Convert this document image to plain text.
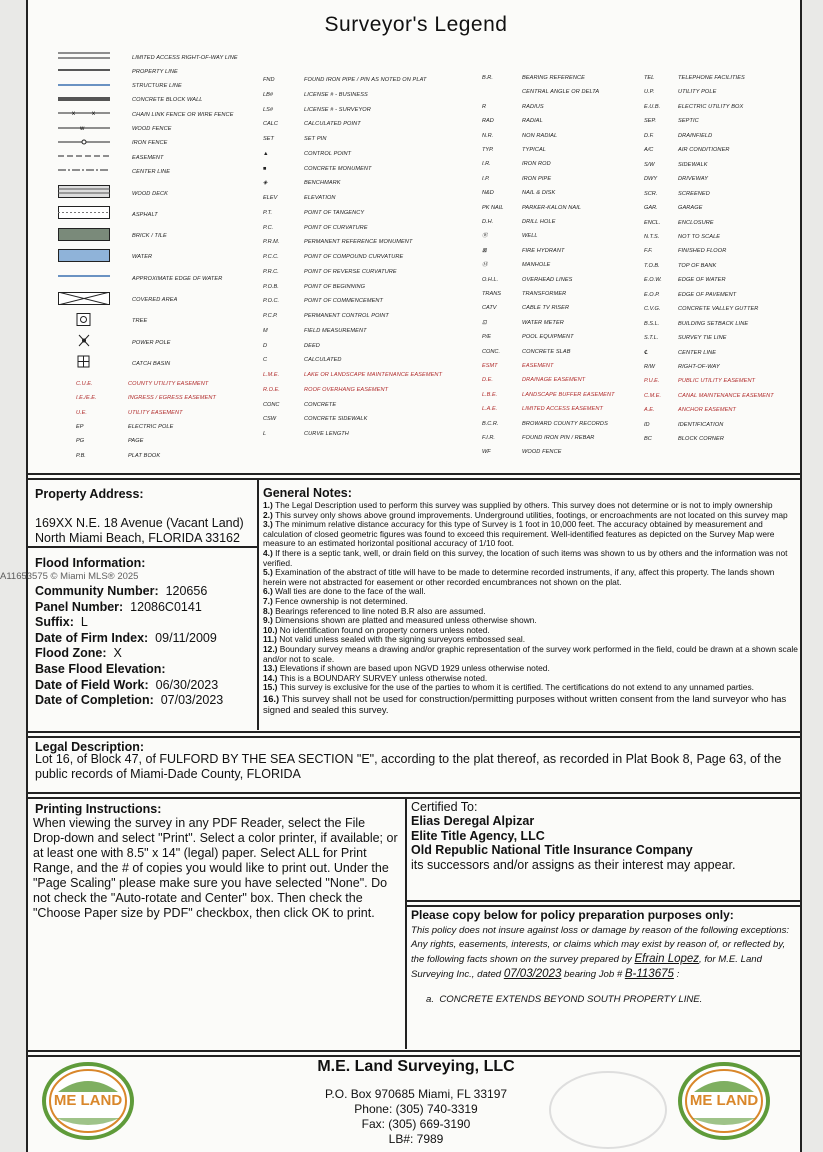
Surveyor's Legend
LIMITED ACCESS RIGHT-OF-WAY LINE
PROPERTY LINE
STRUCTURE LINE
CONCRETE BLOCK WALL
x	x	CHAIN LINK FENCE OR WIRE FENCE
w	WOOD FENCE
IRON FENCE
EASEMENT
CENTER LINE
WOOD DECK
ASPHALT
BRICK / TILE
WATER
APPROXIMATE EDGE OF WATER
COVERED AREA
TREE
POWER POLE
CATCH BASIN
C.U.E.	COUNTY UTILITY EASEMENT
I.E./E.E.	INGRESS / EGRESS EASEMENT
U.E.	UTILITY EASEMENT
EP	ELECTRIC POLE
PG	PAGE
P.B.	PLAT BOOK
FND	FOUND IRON PIPE / PIN AS NOTED ON PLAT
LB#	LICENSE # - BUSINESS
LS#	LICENSE # - SURVEYOR
CALC	CALCULATED POINT
SET	SET PIN
▲	CONTROL POINT
■	CONCRETE MONUMENT
◈	BENCHMARK
ELEV	ELEVATION
P.T.	POINT OF TANGENCY
P.C.	POINT OF CURVATURE
P.R.M.	PERMANENT REFERENCE MONUMENT
P.C.C.	POINT OF COMPOUND CURVATURE
P.R.C.	POINT OF REVERSE CURVATURE
P.O.B.	POINT OF BEGINNING
P.O.C.	POINT OF COMMENCEMENT
P.C.P.	PERMANENT CONTROL POINT
M	FIELD MEASUREMENT
D	DEED
C	CALCULATED
L.M.E.	LAKE OR LANDSCAPE MAINTENANCE EASEMENT
R.O.E.	ROOF OVERHANG EASEMENT
CONC	CONCRETE
CSW	CONCRETE SIDEWALK
L	CURVE LENGTH
B.R.	BEARING REFERENCE
CENTRAL ANGLE OR DELTA
R	RADIUS
RAD	RADIAL
N.R.	NON RADIAL
TYP.	TYPICAL
I.R.	IRON ROD
I.P.	IRON PIPE
N&D	NAIL & DISK
PK NAIL	PARKER-KALON NAIL
D.H.	DRILL HOLE
Ⓦ	WELL
⊠	FIRE HYDRANT
Ⓜ	MANHOLE
O.H.L.	OVERHEAD LINES
TRANS	TRANSFORMER
CATV	CABLE TV RISER
⊡	WATER METER
P/E	POOL EQUIPMENT
CONC.	CONCRETE SLAB
ESMT	EASEMENT
D.E.	DRAINAGE EASEMENT
L.B.E.	LANDSCAPE BUFFER EASEMENT
L.A.E.	LIMITED ACCESS EASEMENT
B.C.R.	BROWARD COUNTY RECORDS
F.I.R.	FOUND IRON PIN / REBAR
WF	WOOD FENCE
TEL	TELEPHONE FACILITIES
U.P.	UTILITY POLE
E.U.B.	ELECTRIC UTILITY BOX
SEP.	SEPTIC
D.F.	DRAINFIELD
A/C	AIR CONDITIONER
S/W	SIDEWALK
DWY	DRIVEWAY
SCR.	SCREENED
GAR.	GARAGE
ENCL.	ENCLOSURE
N.T.S.	NOT TO SCALE
F.F.	FINISHED FLOOR
T.O.B.	TOP OF BANK
E.O.W.	EDGE OF WATER
E.O.P.	EDGE OF PAVEMENT
C.V.G.	CONCRETE VALLEY GUTTER
B.S.L.	BUILDING SETBACK LINE
S.T.L.	SURVEY TIE LINE
℄	CENTER LINE
R/W	RIGHT-OF-WAY
P.U.E.	PUBLIC UTILITY EASEMENT
C.M.E.	CANAL MAINTENANCE EASEMENT
A.E.	ANCHOR EASEMENT
ID	IDENTIFICATION
BC	BLOCK CORNER
Property Address:
169XX N.E. 18 Avenue (Vacant Land)
North Miami Beach, FLORIDA 33162
Flood Information:
Community Number: 120656
Panel Number: 12086C0141
Suffix: L
Date of Firm Index: 09/11/2009
Flood Zone: X
Base Flood Elevation:
Date of Field Work: 06/30/2023
Date of Completion: 07/03/2023
General Notes:
1.) The Legal Description used to perform this survey was supplied by others. This survey does not determine or is not to imply ownership
2.) This survey only shows above ground improvements. Underground utilities, footings, or encroachments are not located on this survey map
3.) The minimum relative distance accuracy for this type of Survey is 1 foot in 10,000 feet. The accuracy obtained by measurement and calculation of closed geometric figures was found to exceed this requirement. Well-identified features as depicted on the Survey Map were measure to an estimated horizontal positional accuracy of 1/10 foot.
4.) If there is a septic tank, well, or drain field on this survey, the location of such items was shown to us by others and the information was not verified.
5.) Examination of the abstract of title will have to be made to determine recorded instruments, if any, affect this property. The lands shown herein were not abstracted for easement or other recorded encumbrances not shown on the plat.
6.) Wall ties are done to the face of the wall.
7.) Fence ownership is not determined.
8.) Bearings referenced to line noted B.R also are assumed.
9.) Dimensions shown are platted and measured unless otherwise shown.
10.) No identification found on property corners unless noted.
11.) Not valid unless sealed with the signing surveyors embossed seal.
12.) Boundary survey means a drawing and/or graphic representation of the survey work performed in the field, could be drawn at a shown scale and/or not to scale.
13.) Elevations if shown are based upon NGVD 1929 unless otherwise noted.
14.) This is a BOUNDARY SURVEY unless otherwise noted.
15.) This survey is exclusive for the use of the parties to whom it is certified. The certifications do not extend to any unnamed parties.
16.) This survey shall not be used for construction/permitting purposes without written consent from the land surveyor who has signed and sealed this survey.
Legal Description:
Lot 16, of Block 47, of FULFORD BY THE SEA SECTION "E", according to the plat thereof, as recorded in Plat Book 8, Page 63, of the public records of Miami-Dade County, FLORIDA
Printing Instructions:
When viewing the survey in any PDF Reader, select the File Drop-down and select "Print". Select a color printer, if available; or at least one with 8.5" x 14" (legal) paper. Select ALL for Print Range, and the # of copies you would like to print out. Under the "Page Scaling" please make sure you have selected "None". Do not check the "Auto-rotate and Center" box. Then check the "Choose Paper size by PDF" checkbox, then click OK to print.
Certified To:
Elias Deregal Alpizar
Elite Title Agency, LLC
Old Republic National Title Insurance Company
its successors and/or assigns as their interest may appear.
Please copy below for policy preparation purposes only:
This policy does not insure against loss or damage by reason of the following exceptions: Any rights, easements, interests, or claims which may exist by reason of, or reflected by, the following facts shown on the survey prepared by Efrain Lopez, for M.E. Land Surveying Inc., dated 07/03/2023 bearing Job # B-113675 :
a. CONCRETE EXTENDS BEYOND SOUTH PROPERTY LINE.
M.E. Land Surveying, LLC
P.O. Box 970685 Miami, FL 33197
Phone: (305) 740-3319
Fax: (305) 669-3190
LB#: 7989
ME LAND	ME LAND
A11653575 © Miami MLS® 2025
